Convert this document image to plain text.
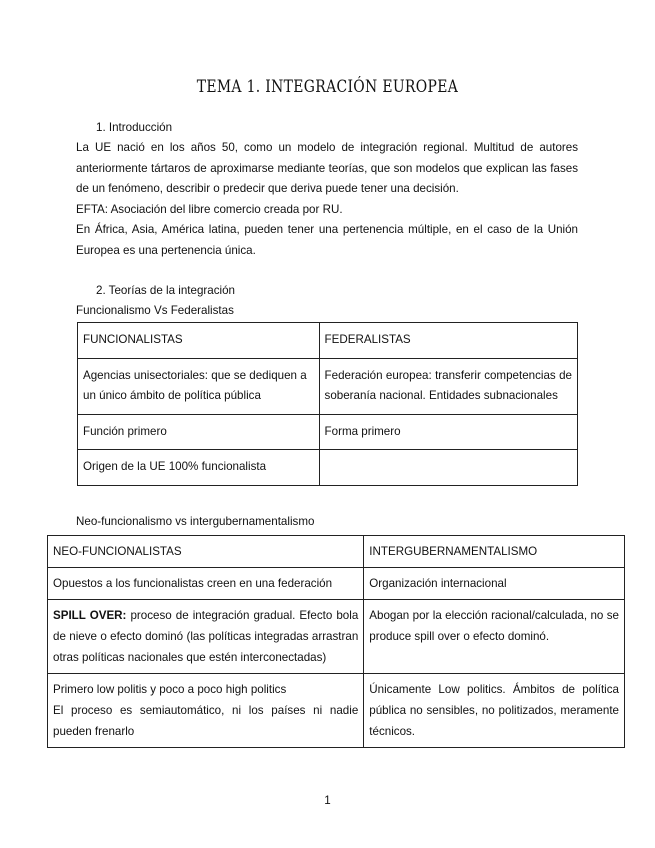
TEMA 1. INTEGRACIÓN EUROPEA
1. Introducción
La UE nació en los años 50, como un modelo de integración regional. Multitud de autores anteriormente tártaros de aproximarse mediante teorías, que son modelos que explican las fases de un fenómeno, describir o predecir que deriva puede tener una decisión.
EFTA: Asociación del libre comercio creada por RU.
En África, Asia, América latina, pueden tener una pertenencia múltiple, en el caso de la Unión Europea es una pertenencia única.
2. Teorías de la integración
Funcionalismo Vs Federalistas
FUNCIONALISTAS	FEDERALISTAS
Agencias unisectoriales: que se dediquen a un único ámbito de política pública	Federación europea: transferir competencias de soberanía nacional. Entidades subnacionales
Función primero	Forma primero
Origen de la UE 100% funcionalista	
Neo-funcionalismo vs intergubernamentalismo
NEO-FUNCIONALISTAS	INTERGUBERNAMENTALISMO
Opuestos a los funcionalistas creen en una federación	Organización internacional
SPILL OVER: proceso de integración gradual. Efecto bola de nieve o efecto dominó (las políticas integradas arrastran otras políticas nacionales que estén interconectadas)	Abogan por la elección racional/calculada, no se produce spill over o efecto dominó.

Primero low politis y poco a poco high politics
El proceso es semiautomático, ni los países ni nadie pueden frenarlo	Únicamente Low politics. Ámbitos de política pública no sensibles, no politizados, meramente técnicos.
1
